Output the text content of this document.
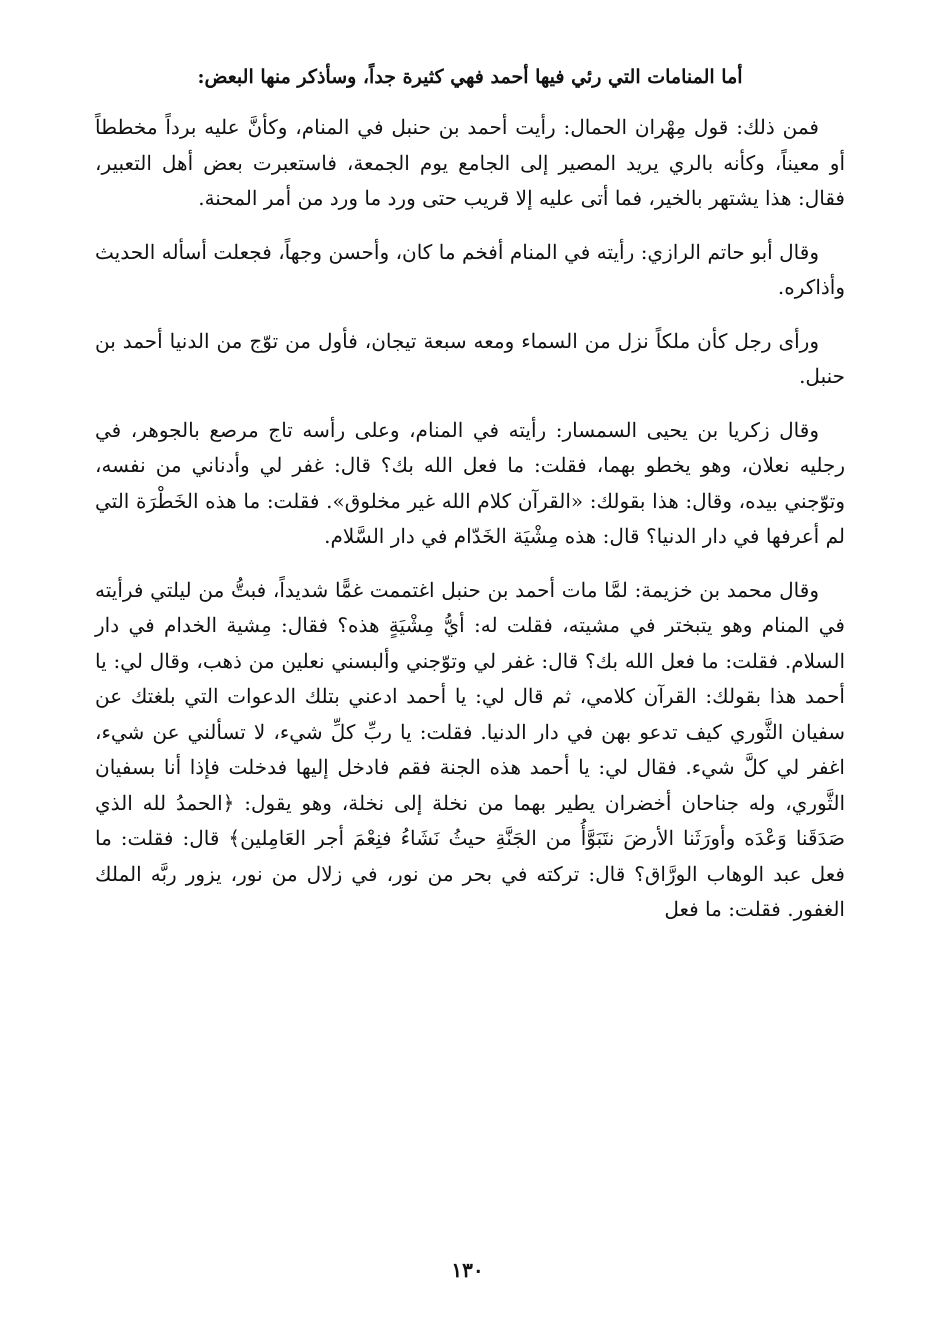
أما المنامات التي رئي فيها أحمد فهي كثيرة جداً، وسأذكر منها البعض:

فمن ذلك: قول مِهْران الحمال: رأيت أحمد بن حنبل في المنام، وكأنَّ عليه برداً مخططاً أو معيناً، وكأنه بالري يريد المصير إلى الجامع يوم الجمعة، فاستعبرت بعض أهل التعبير، فقال: هذا يشتهر بالخير، فما أتى عليه إلا قريب حتى ورد ما ورد من أمر المحنة.

وقال أبو حاتم الرازي: رأيته في المنام أفخم ما كان، وأحسن وجهاً، فجعلت أسأله الحديث وأذاكره.

ورأى رجل كأن ملكاً نزل من السماء ومعه سبعة تيجان، فأول من توّج من الدنيا أحمد بن حنبل.

وقال زكريا بن يحيى السمسار: رأيته في المنام، وعلى رأسه تاج مرصع بالجوهر، في رجليه نعلان، وهو يخطو بهما، فقلت: ما فعل الله بك؟ قال: غفر لي وأدناني من نفسه، وتوّجني بيده، وقال: هذا بقولك: «القرآن كلام الله غير مخلوق». فقلت: ما هذه الخَطْرَة التي لم أعرفها في دار الدنيا؟ قال: هذه مِشْيَة الخَدّام في دار السَّلام.

وقال محمد بن خزيمة: لمَّا مات أحمد بن حنبل اغتممت غمًّا شديداً، فبتُّ من ليلتي فرأيته في المنام وهو يتبختر في مشيته، فقلت له: أيُّ مِشْيَةٍ هذه؟ فقال: مِشية الخدام في دار السلام. فقلت: ما فعل الله بك؟ قال: غفر لي وتوّجني وألبسني نعلين من ذهب، وقال لي: يا أحمد هذا بقولك: القرآن كلامي، ثم قال لي: يا أحمد ادعني بتلك الدعوات التي بلغتك عن سفيان الثَّوري كيف تدعو بهن في دار الدنيا. فقلت: يا ربِّ كلِّ شيء، لا تسألني عن شيء، اغفر لي كلَّ شيء. فقال لي: يا أحمد هذه الجنة فقم فادخل إليها فدخلت فإذا أنا بسفيان الثَّوري، وله جناحان أخضران يطير بهما من نخلة إلى نخلة، وهو يقول: ﴿الحمدُ لله الذي صَدَقَنا وَعْدَه وأورَثَنا الأرضَ نتَبَوَّأُ من الجَنَّةِ حيثُ نَشَاءُ فنِعْمَ أجر العَامِلين﴾ قال: فقلت: ما فعل عبد الوهاب الورَّاق؟ قال: تركته في بحر من نور، في زلال من نور، يزور ربَّه الملك الغفور. فقلت: ما فعل

١٣٠
